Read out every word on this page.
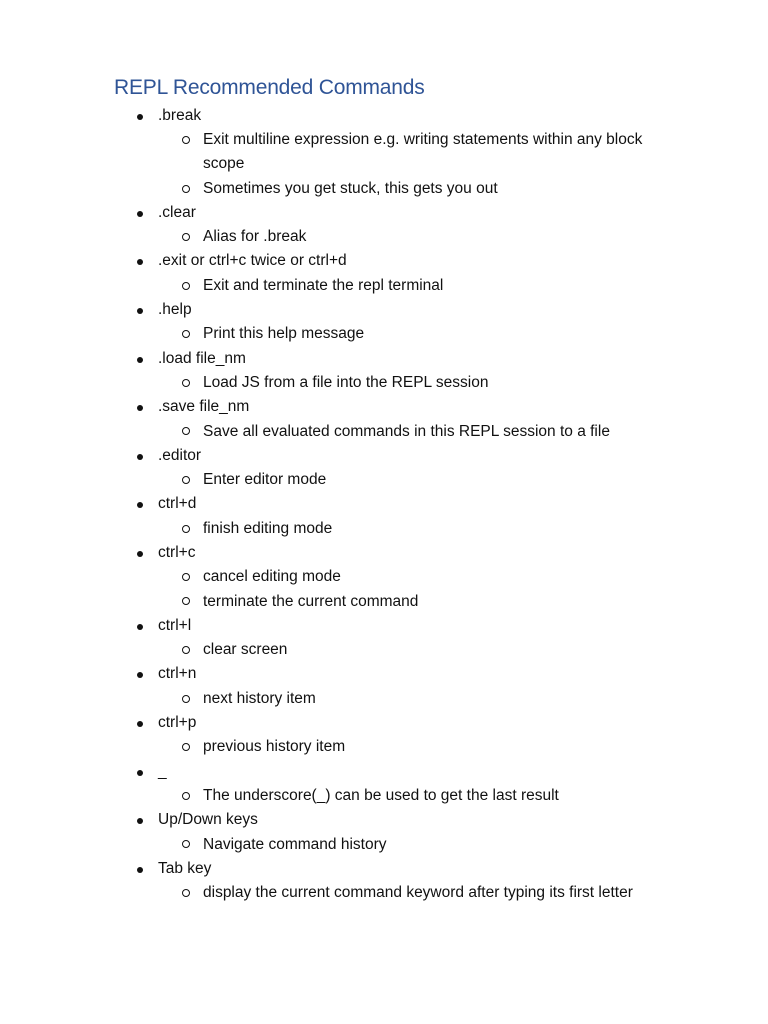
REPL Recommended Commands
.break
Exit multiline expression e.g. writing statements within any block scope
Sometimes you get stuck, this gets you out
.clear
Alias for .break
.exit or ctrl+c twice or ctrl+d
Exit and terminate the repl terminal
.help
Print this help message
.load file_nm
Load JS from a file into the REPL session
.save file_nm
Save all evaluated commands in this REPL session to a file
.editor
Enter editor mode
ctrl+d
finish editing mode
ctrl+c
cancel editing mode
terminate the current command
ctrl+l
clear screen
ctrl+n
next history item
ctrl+p
previous history item
_
The underscore(_) can be used to get the last result
Up/Down keys
Navigate command history
Tab key
display the current command keyword after typing its first letter
